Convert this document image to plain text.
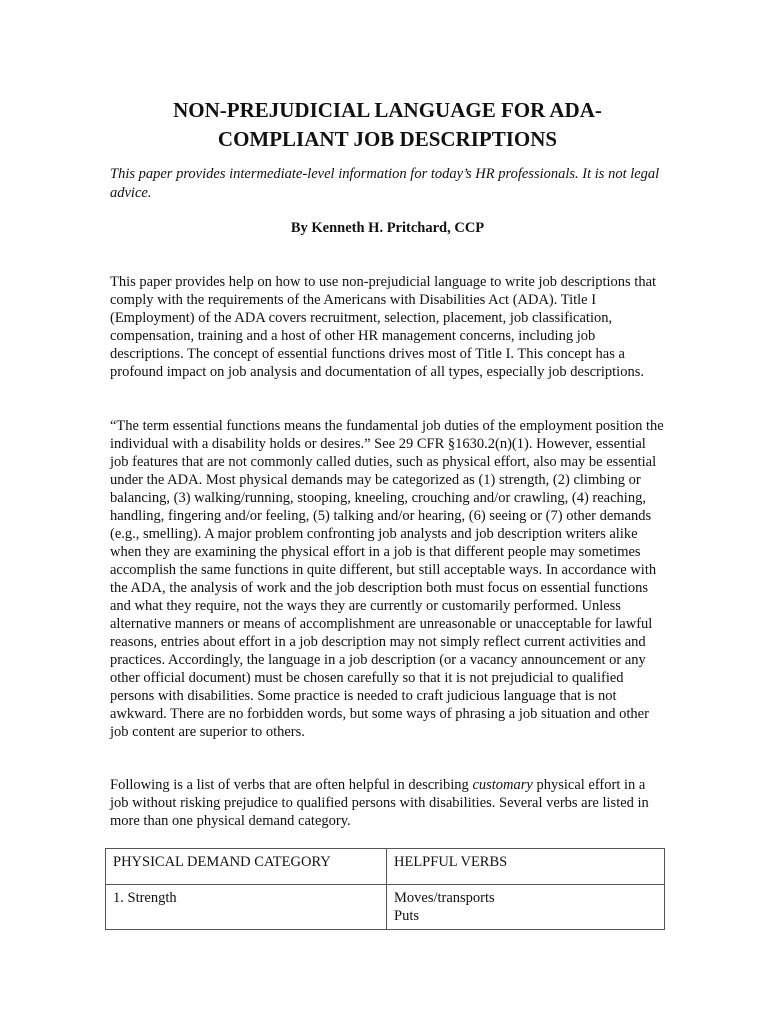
NON-PREJUDICIAL LANGUAGE FOR ADA-COMPLIANT JOB DESCRIPTIONS

This paper provides intermediate-level information for today’s HR professionals. It is not legal advice.

By Kenneth H. Pritchard, CCP

This paper provides help on how to use non-prejudicial language to write job descriptions that comply with the requirements of the Americans with Disabilities Act (ADA). Title I (Employment) of the ADA covers recruitment, selection, placement, job classification, compensation, training and a host of other HR management concerns, including job descriptions. The concept of essential functions drives most of Title I. This concept has a profound impact on job analysis and documentation of all types, especially job descriptions.

“The term essential functions means the fundamental job duties of the employment position the individual with a disability holds or desires.” See 29 CFR §1630.2(n)(1). However, essential job features that are not commonly called duties, such as physical effort, also may be essential under the ADA. Most physical demands may be categorized as (1) strength, (2) climbing or balancing, (3) walking/running, stooping, kneeling, crouching and/or crawling, (4) reaching, handling, fingering and/or feeling, (5) talking and/or hearing, (6) seeing or (7) other demands (e.g., smelling). A major problem confronting job analysts and job description writers alike when they are examining the physical effort in a job is that different people may sometimes accomplish the same functions in quite different, but still acceptable ways. In accordance with the ADA, the analysis of work and the job description both must focus on essential functions and what they require, not the ways they are currently or customarily performed. Unless alternative manners or means of accomplishment are unreasonable or unacceptable for lawful reasons, entries about effort in a job description may not simply reflect current activities and practices. Accordingly, the language in a job description (or a vacancy announcement or any other official document) must be chosen carefully so that it is not prejudicial to qualified persons with disabilities. Some practice is needed to craft judicious language that is not awkward. There are no forbidden words, but some ways of phrasing a job situation and other job content are superior to others.

Following is a list of verbs that are often helpful in describing customary physical effort in a job without risking prejudice to qualified persons with disabilities. Several verbs are listed in more than one physical demand category.

PHYSICAL DEMAND CATEGORY	HELPFUL VERBS

1. Strength	Moves/transports
Puts
